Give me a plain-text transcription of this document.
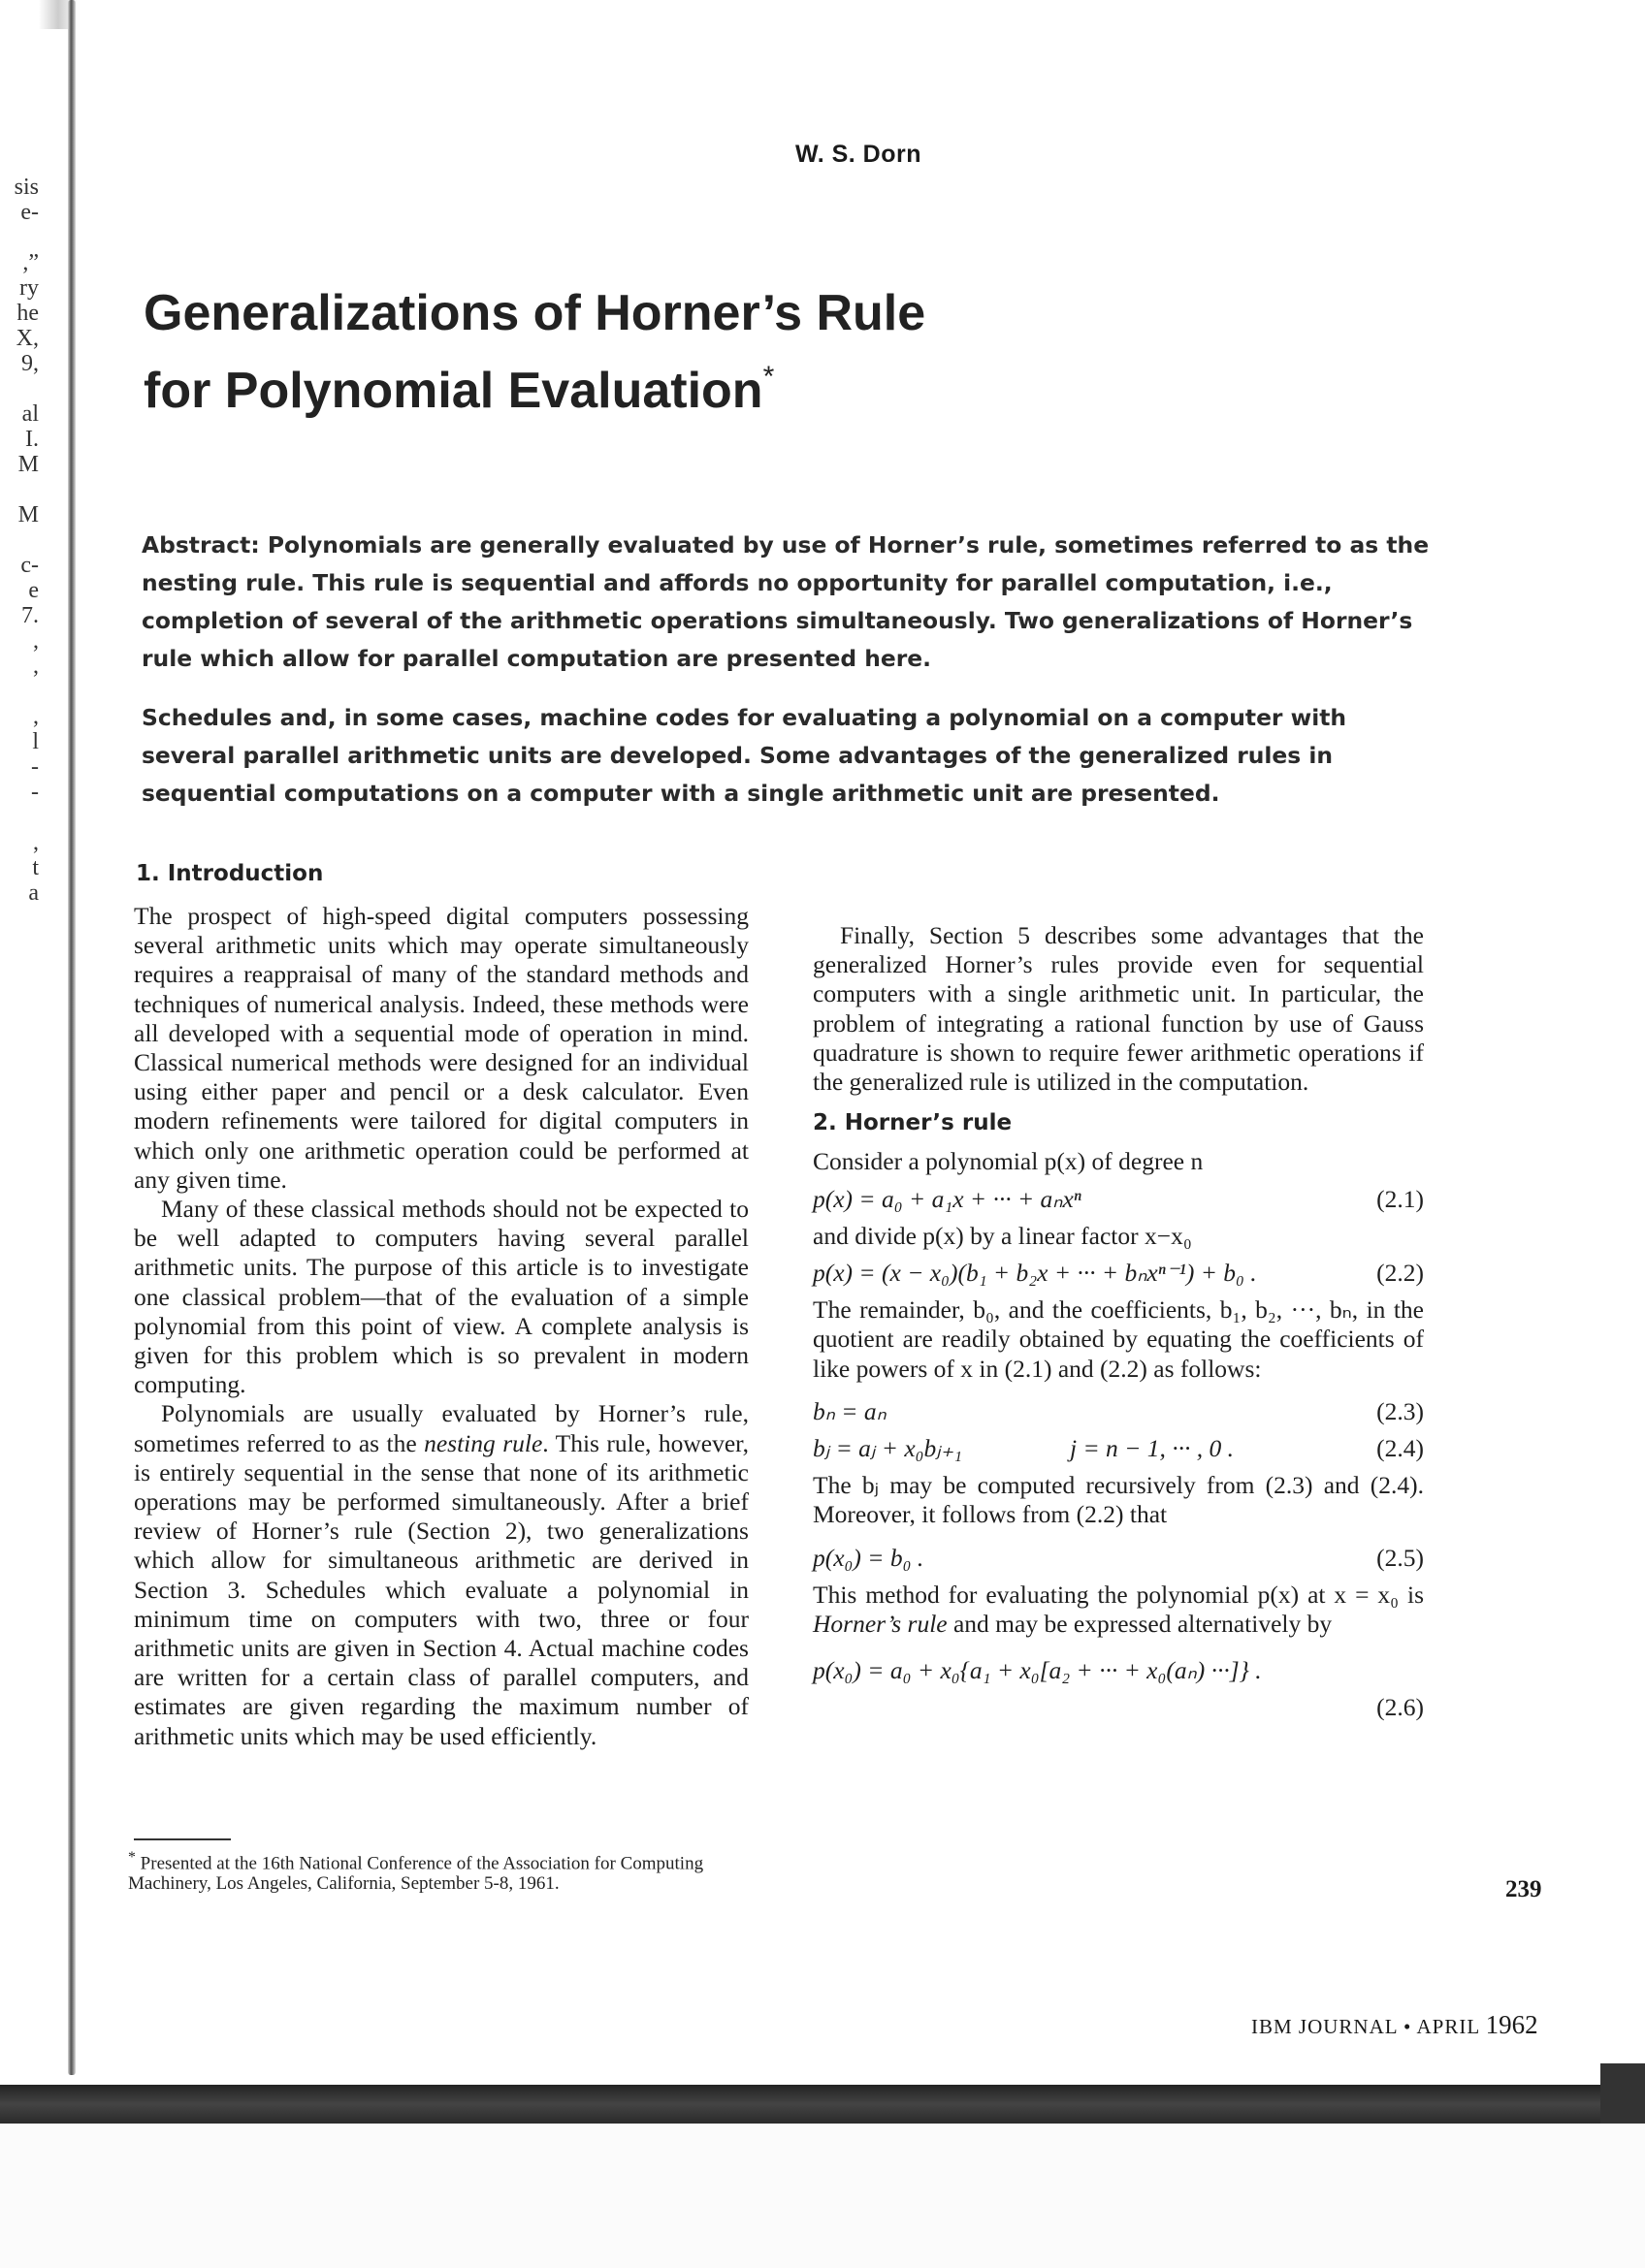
sis
e-
,”
ry
he
X,
9,
al
I.
M
M
c-
e
7.
,
,
,
l
-
-
,
t
a
W. S. Dorn
Generalizations of Horner’s Rule
for Polynomial Evaluation*

Abstract: Polynomials are generally evaluated by use of Horner’s rule, sometimes referred to as the nesting rule. This rule is sequential and affords no opportunity for parallel computation, i.e., completion of several of the arithmetic operations simultaneously. Two generalizations of Horner’s rule which allow for parallel computation are presented here.

Schedules and, in some cases, machine codes for evaluating a polynomial on a computer with several parallel arithmetic units are developed. Some advantages of the generalized rules in sequential computations on a computer with a single arithmetic unit are presented.

1. Introduction

The prospect of high-speed digital computers possessing several arithmetic units which may operate simultaneously requires a reappraisal of many of the standard methods and techniques of numerical analysis. Indeed, these methods were all developed with a sequential mode of operation in mind. Classical numerical methods were designed for an individual using either paper and pencil or a desk calculator. Even modern refinements were tailored for digital computers in which only one arithmetic operation could be performed at any given time.

Many of these classical methods should not be expected to be well adapted to computers having several parallel arithmetic units. The purpose of this article is to investigate one classical problem—that of the evaluation of a simple polynomial from this point of view. A complete analysis is given for this problem which is so prevalent in modern computing.

Polynomials are usually evaluated by Horner’s rule, sometimes referred to as the nesting rule. This rule, however, is entirely sequential in the sense that none of its arithmetic operations may be performed simultaneously. After a brief review of Horner’s rule (Section 2), two generalizations which allow for simultaneous arithmetic are derived in Section 3. Schedules which evaluate a polynomial in minimum time on computers with two, three or four arithmetic units are given in Section 4. Actual machine codes are written for a certain class of parallel computers, and estimates are given regarding the maximum number of arithmetic units which may be used efficiently.

Finally, Section 5 describes some advantages that the generalized Horner’s rules provide even for sequential computers with a single arithmetic unit. In particular, the problem of integrating a rational function by use of Gauss quadrature is shown to require fewer arithmetic operations if the generalized rule is utilized in the computation.

2. Horner’s rule

Consider a polynomial p(x) of degree n

p(x) = a₀ + a₁x + ··· + aₙxⁿ	(2.1)

and divide p(x) by a linear factor x−x₀

p(x) = (x − x₀)(b₁ + b₂x + ··· + bₙxⁿ⁻¹) + b₀ .	(2.2)

The remainder, b₀, and the coefficients, b₁, b₂, ···, bₙ, in the quotient are readily obtained by equating the coefficients of like powers of x in (2.1) and (2.2) as follows:

bₙ = aₙ	(2.3)
bⱼ = aⱼ + x₀bⱼ₊₁	j = n − 1, ··· , 0 .	(2.4)

The bⱼ may be computed recursively from (2.3) and (2.4). Moreover, it follows from (2.2) that

p(x₀) = b₀ .	(2.5)

This method for evaluating the polynomial p(x) at x = x₀ is Horner’s rule and may be expressed alternatively by

p(x₀) = a₀ + x₀{a₁ + x₀[a₂ + ··· + x₀(aₙ) ···]} .
(2.6)
* Presented at the 16th National Conference of the Association for Computing Machinery, Los Angeles, California, September 5-8, 1961.	239
IBM JOURNAL • APRIL 1962
